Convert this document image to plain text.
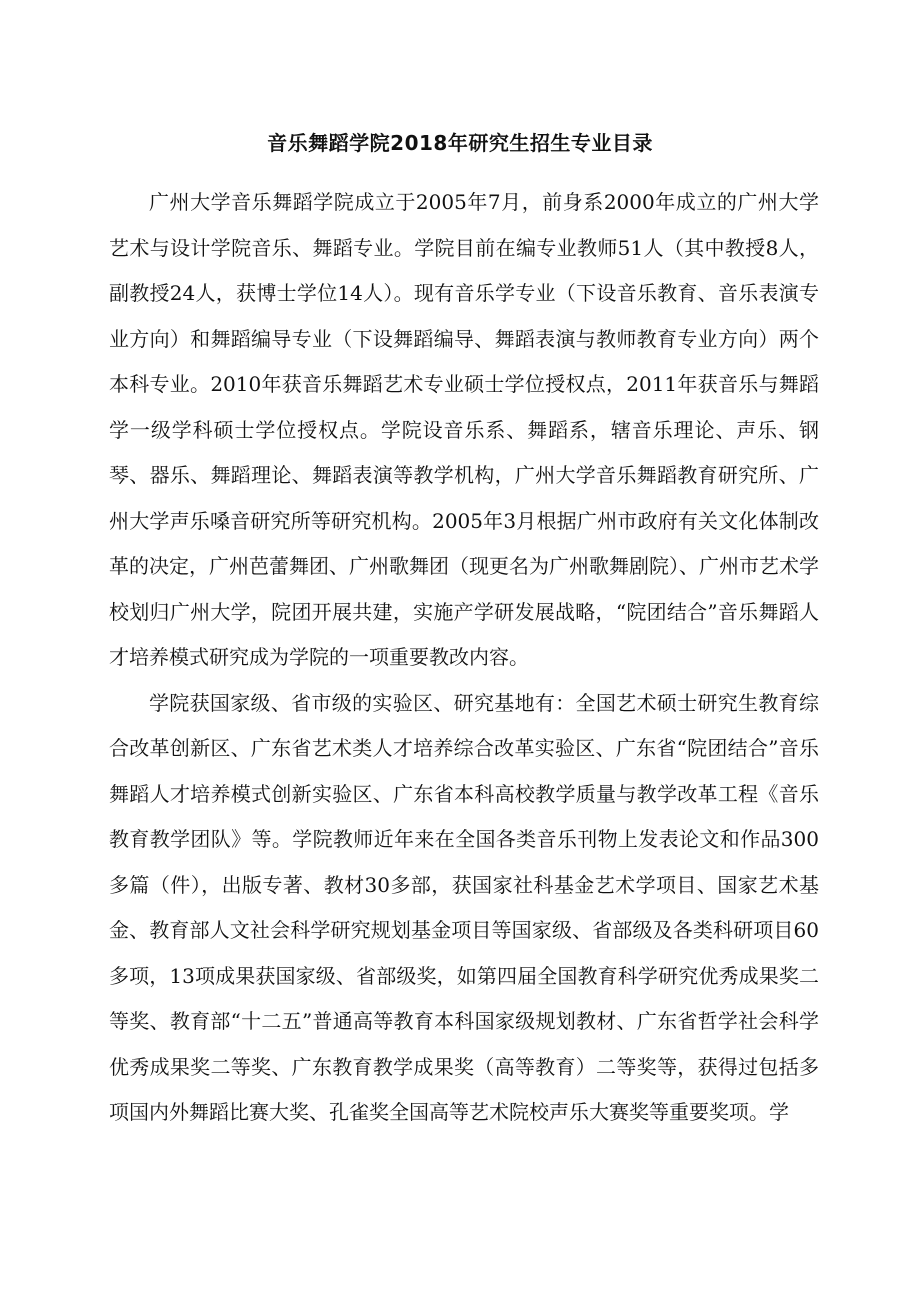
音乐舞蹈学院2018年研究生招生专业目录

广州大学音乐舞蹈学院成立于2005年7月，前身系2000年成立的广州大学艺术与设计学院音乐、舞蹈专业。学院目前在编专业教师51人（其中教授8人，副教授24人，获博士学位14人）。现有音乐学专业（下设音乐教育、音乐表演专业方向）和舞蹈编导专业（下设舞蹈编导、舞蹈表演与教师教育专业方向）两个本科专业。2010年获音乐舞蹈艺术专业硕士学位授权点，2011年获音乐与舞蹈学一级学科硕士学位授权点。学院设音乐系、舞蹈系，辖音乐理论、声乐、钢琴、器乐、舞蹈理论、舞蹈表演等教学机构，广州大学音乐舞蹈教育研究所、广州大学声乐嗓音研究所等研究机构。2005年3月根据广州市政府有关文化体制改革的决定，广州芭蕾舞团、广州歌舞团（现更名为广州歌舞剧院）、广州市艺术学校划归广州大学，院团开展共建，实施产学研发展战略，“院团结合”音乐舞蹈人才培养模式研究成为学院的一项重要教改内容。

学院获国家级、省市级的实验区、研究基地有：全国艺术硕士研究生教育综合改革创新区、广东省艺术类人才培养综合改革实验区、广东省“院团结合”音乐舞蹈人才培养模式创新实验区、广东省本科高校教学质量与教学改革工程《音乐教育教学团队》等。学院教师近年来在全国各类音乐刊物上发表论文和作品300多篇（件），出版专著、教材30多部，获国家社科基金艺术学项目、国家艺术基金、教育部人文社会科学研究规划基金项目等国家级、省部级及各类科研项目60多项，13项成果获国家级、省部级奖，如第四届全国教育科学研究优秀成果奖二等奖、教育部“十二五”普通高等教育本科国家级规划教材、广东省哲学社会科学优秀成果奖二等奖、广东教育教学成果奖（高等教育）二等奖等，获得过包括多项国内外舞蹈比赛大奖、孔雀奖全国高等艺术院校声乐大赛奖等重要奖项。学
